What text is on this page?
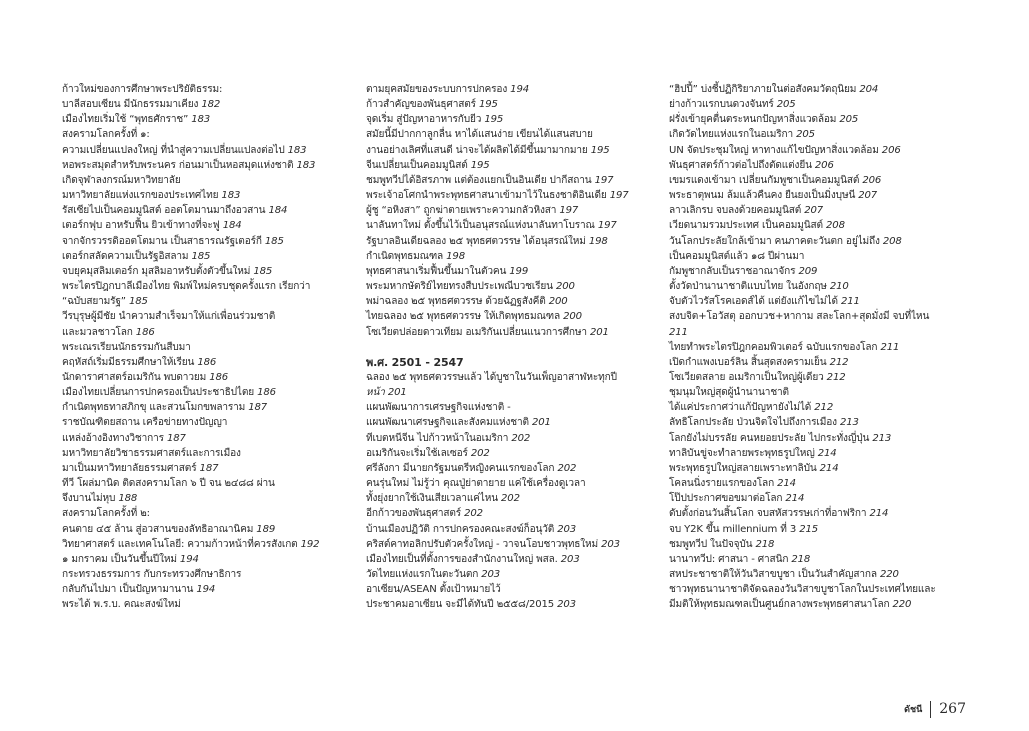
ก้าวใหม่ของการศึกษาพระปริยัติธรรม:
บาลีสอบเซียน มีนักธรรมมาเคียง 182
เมืองไทยเริ่มใช้ “พุทธศักราช” 183
สงครามโลกครั้งที่ ๑:
ความเปลี่ยนแปลงใหญ่ ที่นำสู่ความเปลี่ยนแปลงต่อไป 183
หอพระสมุดสำหรับพระนคร ก่อนมาเป็นหอสมุดแห่งชาติ 183
เกิดจุฬาลงกรณ์มหาวิทยาลัย
มหาวิทยาลัยแห่งแรกของประเทศไทย 183
รัสเซียไปเป็นคอมมูนิสต์ ออตโตมานมาถึงอวสาน 184
เตอร์กฟุบ อาหรับฟื้น ยิวเข้าทางที่จะฟู 184
จากจักรวรรดิออตโตมาน เป็นสาธารณรัฐเตอร์กี 185
เตอร์กสลัดความเป็นรัฐอิสลาม 185
จบยุคมุสลิมเตอร์ก มุสลิมอาหรับตั้งตัวขึ้นใหม่ 185
พระไตรปิฎกบาลีเมืองไทย พิมพ์ใหม่ครบชุดครั้งแรก เรียกว่า
“ฉบับสยามรัฐ” 185
วีรบุรุษผู้มีชัย นำความสำเร็จมาให้แก่เพื่อนร่วมชาติ
และมวลชาวโลก 186
พระเณรเรียนนักธรรมกันสืบมา
คฤหัสถ์เริ่มมีธรรมศึกษาให้เรียน 186
นักดาราศาสตร์อเมริกัน พบดาวยม 186
เมืองไทยเปลี่ยนการปกครองเป็นประชาธิปไตย 186
กำเนิดพุทธทาสภิกขุ และสวนโมกขพลาราม 187
ราชบัณฑิตยสถาน เครือข่ายทางปัญญา
แหล่งอ้างอิงทางวิชาการ 187
มหาวิทยาลัยวิชาธรรมศาสตร์และการเมือง
มาเป็นมหาวิทยาลัยธรรมศาสตร์ 187
ทีวี โผล่มานิด ติดสงครามโลก ๖ ปี จน ๒๔๘๘ ผ่าน
จึงบานไม่หุบ 188
สงครามโลกครั้งที่ ๒:
คนตาย ๔๕ ล้าน สู่อวสานของลัทธิอาณานิคม 189
วิทยาศาสตร์ และเทคโนโลยี: ความก้าวหน้าที่ควรสังเกต 192
๑ มกราคม เป็นวันขึ้นปีใหม่ 194
กระทรวงธรรมการ กับกระทรวงศึกษาธิการ
กลับกันไปมา เป็นปัญหามานาน 194
พระได้ พ.ร.บ. คณะสงฆ์ใหม่
ตามยุคสมัยของระบบการปกครอง 194
ก้าวสำคัญของพันธุศาสตร์ 195
จุดเริ่ม สู่ปัญหาอาหารกับยีว 195
สมัยนี้มีปากกาลูกลื่น หาได้แสนง่าย เขียนได้แสนสบาย
งานอย่างเลิศที่แสนดี น่าจะได้ผลิตได้มีขึ้นมามากมาย 195
จีนเปลี่ยนเป็นคอมมูนิสต์ 195
ชมพูทวีปได้อิสรภาพ แต่ต้องแยกเป็นอินเดีย ปากีสถาน 197
พระเจ้าอโศกนำพระพุทธศาสนาเข้ามาไว้ในธงชาติอินเดีย 197
ผู้ชู “อหิงสา” ถูกฆ่าตายเพราะความกลัวหิงสา 197
นาลันทาใหม่ ตั้งขึ้นไว้เป็นอนุสรณ์แห่งนาลันทาโบราณ 197
รัฐบาลอินเดียฉลอง ๒๕ พุทธศตวรรษ ได้อนุสรณ์ใหม่ 198
กำเนิดพุทธมณฑล 198
พุทธศาสนาเริ่มฟื้นขึ้นมาในตัวคน 199
พระมหากษัตริย์ไทยทรงสืบประเพณีบวชเรียน 200
พม่าฉลอง ๒๕ พุทธศตวรรษ ด้วยฉัฏฐสังคีติ 200
ไทยฉลอง ๒๕ พุทธศตวรรษ ให้เกิดพุทธมณฑล 200
โซเวียตปล่อยดาวเทียม อเมริกันเปลี่ยนแนวการศึกษา 201
พ.ศ. 2501 - 2547
ฉลอง ๒๕ พุทธศตวรรษแล้ว ได้บูชาในวันเพ็ญอาสาฬหะทุกปี
หน้า 201
แผนพัฒนาการเศรษฐกิจแห่งชาติ -
แผนพัฒนาเศรษฐกิจและสังคมแห่งชาติ 201
ทีเบตหนีจีน ไปก้าวหน้าในอเมริกา 202
อเมริกันจะเริ่มใช้เลเซอร์ 202
ศรีลังกา มีนายกรัฐมนตรีหญิงคนแรกของโลก 202
คนรุ่นใหม่ ไม่รู้ว่า คุณปู่ย่าตายาย แค่ใช้เครื่องดูเวลา
ทั้งยุ่งยากใช้เงินเสียเวลาแค่ไหน 202
อีกก้าวของพันธุศาสตร์ 202
บ้านเมืองปฏิวัติ การปกครองคณะสงฆ์ก็อนุวัติ 203
คริสต์คาทอลิกปรับตัวครั้งใหญ่ - วาจนโอบชาวพุทธใหม่ 203
เมืองไทยเป็นที่ตั้งการของสำนักงานใหญ่ พสล. 203
วัดไทยแห่งแรกในตะวันตก 203
อาเซียน/ASEAN ตั้งเป้าหมายไว้
ประชาคมอาเซียน จะมีได้ทันปี ๒๕๕๘/2015 203
“ฮิปปี้” บ่งชี้ปฏิกิริยาภายในต่อสังคมวัตถุนิยม 204
ย่างก้าวแรกบนดวงจันทร์ 205
ฝรั่งเข้ายุคตื่นตระหนกปัญหาสิ่งแวดล้อม 205
เกิดวัดไทยแห่งแรกในอเมริกา 205
UN จัดประชุมใหญ่ หาทางแก้ไขปัญหาสิ่งแวดล้อม 206
พันธุศาสตร์ก้าวต่อไปถึงตัดแต่งยีน 206
เขมรแดงเข้ามา เปลี่ยนกัมพูชาเป็นคอมมูนิสต์ 206
พระธาตุพนม ล้มแล้วคืนคง ยืนยงเป็นมิ่งบุษนี 207
ลาวเลิกรบ จบลงด้วยคอมมูนิสต์ 207
เวียดนามรวมประเทศ เป็นคอมมูนิสต์ 208
วันโลกประลัยใกล้เข้ามา คนภาคตะวันตก อยู่ไม่ถึง 208
เป็นคอมมูนิสต์แล้ว ๑๘ ปีผ่านมา
กัมพูชากลับเป็นราชอาณาจักร 209
ตั้งวัดป่านานาชาติแบบไทย ในอังกฤษ 210
จับตัวไวรัสโรคเอดส์ได้ แต่ยังแก้ไขไม่ได้ 211
สงบจิต+โอวัสตุ ออกบวช+หากาม สละโลก+สุดมั่งมี จบที่ไหน
211
ไทยทำพระไตรปิฎกคอมพิวเตอร์ ฉบับแรกของโลก 211
เปิดกำแพงเบอร์ลิน สิ้นสุดสงครามเย็น 212
โซเวียตสลาย อเมริกาเป็นใหญ่ผู้เดียว 212
ชุมนุมใหญ่สุดผู้นำนานาชาติ
ได้แค่ประกาศว่าแก้ปัญหายังไม่ได้ 212
ลัทธิโลกประลัย ป่วนจิตใจไปถึงการเมือง 213
โลกยังไม่บรรลัย คนหยอยประลัย ไปกระทั่งญี่ปุ่น 213
ทาลิบันขู่จะทำลายพระพุทธรูปใหญ่ 214
พระพุทธรูปใหญ่สลายเพราะทาลิบัน 214
โคลนนิ่งรายแรกของโลก 214
โป๊ปประกาศขอขมาต่อโลก 214
ดับตั้งก่อนวันสิ้นโลก จบสหัสวรรษเก่าที่อาฟริกา 214
จบ Y2K ขึ้น millennium ที่ 3 215
ชมพูทวีป ในปัจจุบัน 218
นานาทวีป: ศาสนา - ศาสนิก 218
สหประชาชาติให้วันวิสาขบูชา เป็นวันสำคัญสากล 220
ชาวพุทธนานาชาติจัดฉลองวันวิสาขบูชาโลกในประเทศไทยและ
มีมติให้พุทธมณฑลเป็นศูนย์กลางพระพุทธศาสนาโลก 220
ดัชนี 267
